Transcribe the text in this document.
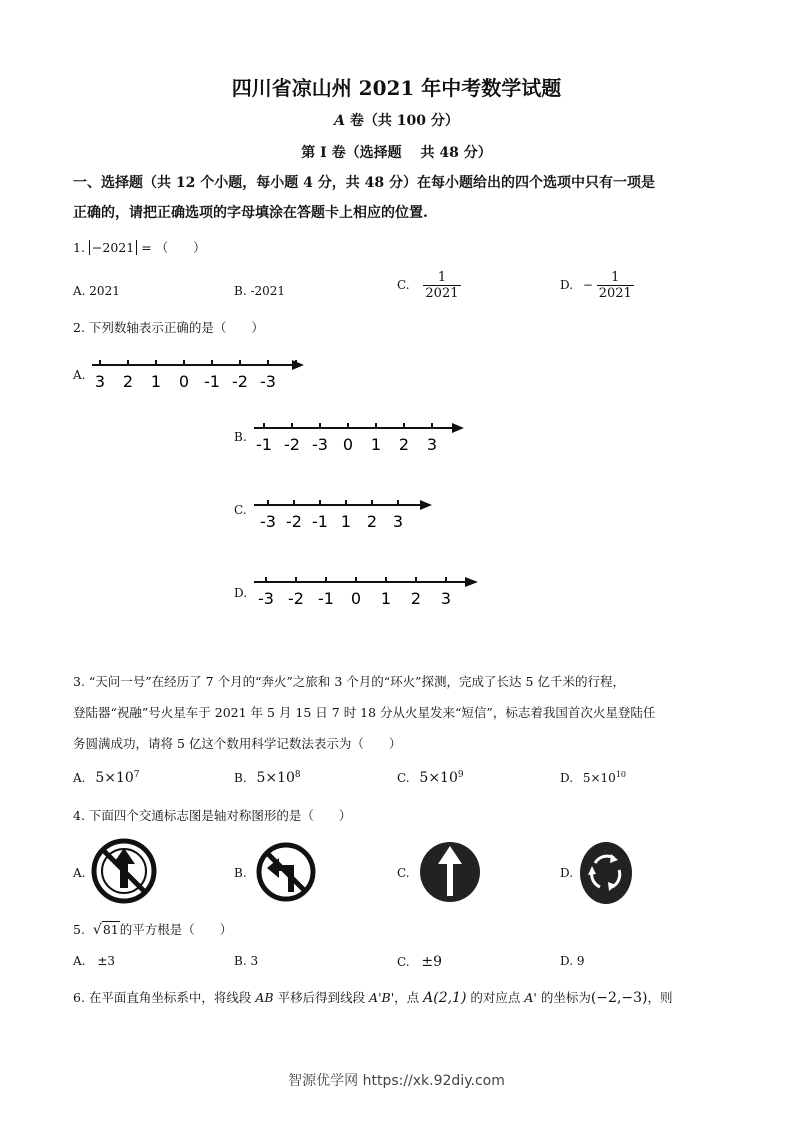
四川省凉山州 2021 年中考数学试题
A 卷（共 100 分）
第 I 卷（选择题　 共 48 分）
一、选择题（共 12 个小题，每小题 4 分，共 48 分）在每小题给出的四个选项中只有一项是
正确的，请把正确选项的字母填涂在答题卡上相应的位置.
1. −2021 = （　　）
A. 2021	B. -2021	C. $\frac{1}{2021}$	D. − $\frac{1}{2021}$
2. 下列数轴表示正确的是（　　）
A. 3 2 1 0 -1 -2 -3
B. -1 -2 -3 0 1 2 3
C.
-3 -2 -1 1 2 3
D. -3 -2 -1 0 1 2 3
3. “天问一号”在经历了 7 个月的“奔火”之旅和 3 个月的“环火”探测，完成了长达 5 亿千米的行程，
登陆器“祝融”号火星车于 2021 年 5 月 15 日 7 时 18 分从火星发来“短信”，标志着我国首次火星登陆任
务圆满成功，请将 5 亿这个数用科学记数法表示为（　　）
A. $5\times 10^7$	B. $5\times 10^8$	C. $5\times 10^9$	D. $5\times 10^{10}$
4. 下面四个交通标志图是轴对称图形的是（　　）
A.	B.	C.	D.
5. √81的平方根是（　　）
A. ±3	B. 3	C. ±9	D. 9
6. 在平面直角坐标系中，将线段 AB 平移后得到线段 A'B'，点 A(2,1) 的对应点 A' 的坐标为(−2,−3)，则
智源优学网 https://xk.92diy.com
